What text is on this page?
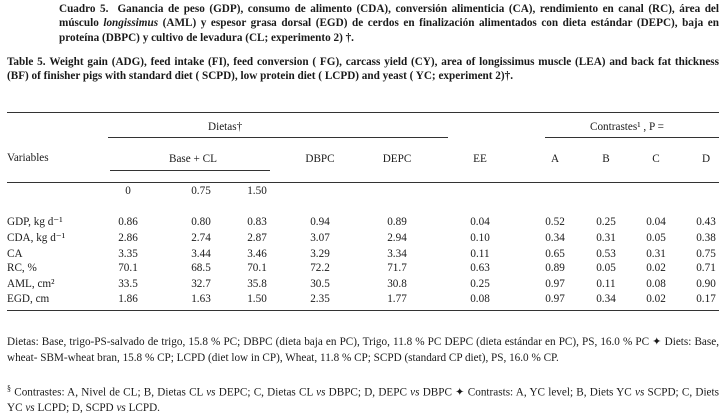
Cuadro 5. Ganancia de peso (GDP), consumo de alimento (CDA), conversión alimenticia (CA), rendimiento en canal (RC), área del músculo longissimus (AML) y espesor grasa dorsal (EGD) de cerdos en finalización alimentados con dieta estándar (DEPC), baja en proteína (DBPC) y cultivo de levadura (CL; experimento 2) †.
Table 5. Weight gain (ADG), feed intake (FI), feed conversion ( FG), carcass yield (CY), area of longissimus muscle (LEA) and back fat thickness (BF) of finisher pigs with standard diet ( SCPD), low protein diet ( LCPD) and yeast ( YC; experiment 2)†.
Dietas†	Contrastes¹ , P =
Variables	Base + CL	DBPC	DEPC	EE	A	B	C	D
0	0.75	1.50
GDP, kg d⁻¹	0.86	0.80	0.83	0.94	0.89	0.04	0.52	0.25	0.04	0.43
CDA, kg d⁻¹	2.86	2.74	2.87	3.07	2.94	0.10	0.34	0.31	0.05	0.38
CA	3.35	3.44	3.46	3.29	3.34	0.11	0.65	0.53	0.31	0.75
RC, %	70.1	68.5	70.1	72.2	71.7	0.63	0.89	0.05	0.02	0.71
AML, cm²	33.5	32.7	35.8	30.5	30.8	0.25	0.97	0.11	0.08	0.90
EGD, cm	1.86	1.63	1.50	2.35	1.77	0.08	0.97	0.34	0.02	0.17
Dietas: Base, trigo-PS-salvado de trigo, 15.8 % PC; DBPC (dieta baja en PC), Trigo, 11.8 % PC DEPC (dieta estándar en PC), PS, 16.0 % PC ✦ Diets: Base, wheat- SBM-wheat bran, 15.8 % CP; LCPD (diet low in CP), Wheat, 11.8 % CP; SCPD (standard CP diet), PS, 16.0 % CP.
§ Contrastes: A, Nivel de CL; B, Dietas CL vs DEPC; C, Dietas CL vs DBPC; D, DEPC vs DBPC ✦ Contrasts: A, YC level; B, Diets YC vs SCPD; C, Diets YC vs LCPD; D, SCPD vs LCPD.
